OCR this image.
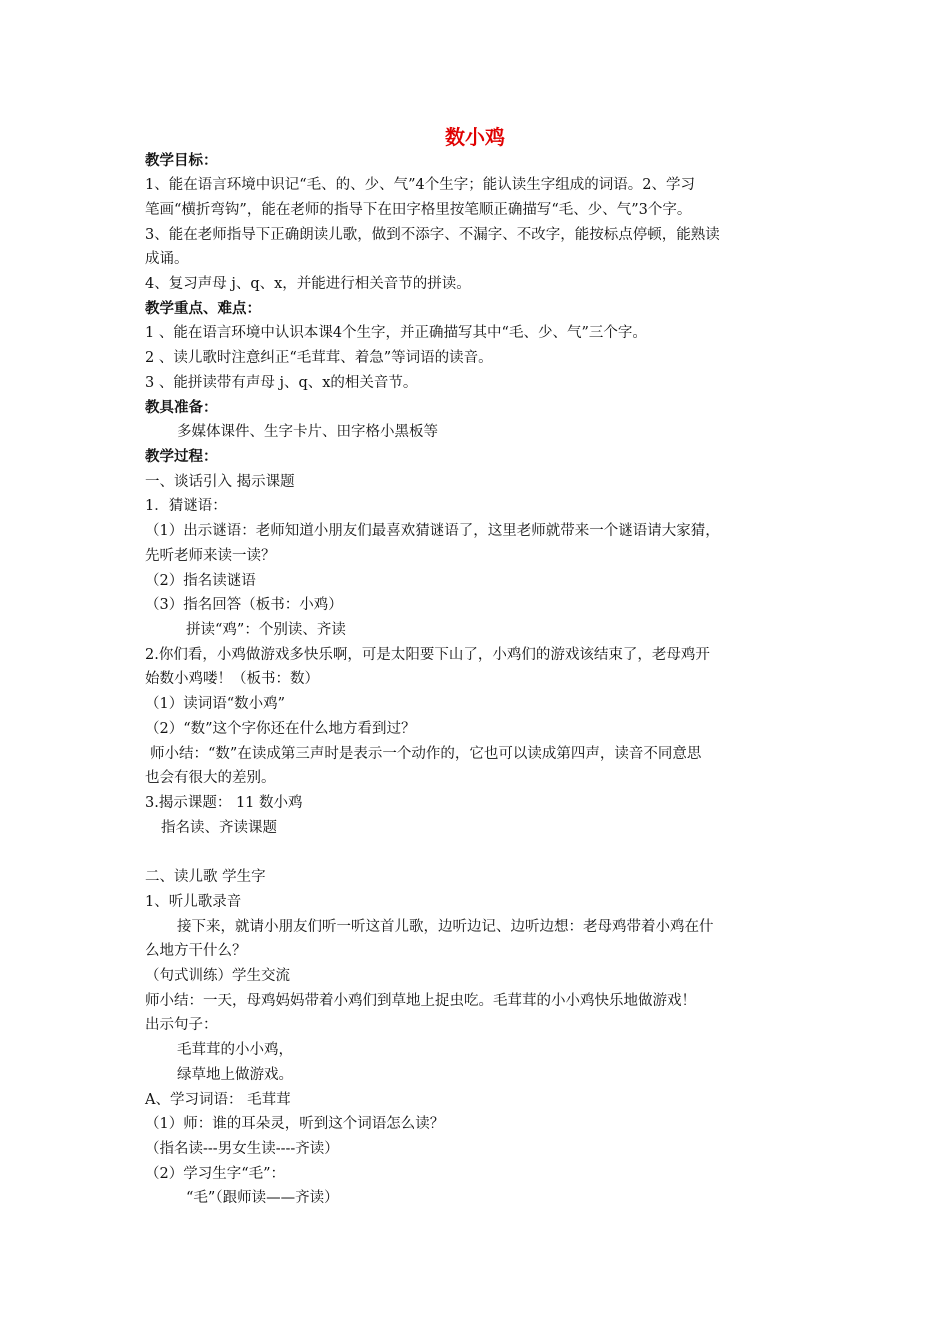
数小鸡
教学目标：
1、能在语言环境中识记“毛、的、少、气”4个生字；能认读生字组成的词语。2、学习
笔画“横折弯钩”，能在老师的指导下在田字格里按笔顺正确描写“毛、少、气”3个字。
3、能在老师指导下正确朗读儿歌，做到不添字、不漏字、不改字，能按标点停顿，能熟读
成诵。
4、复习声母 j、q、x，并能进行相关音节的拼读。
教学重点、难点：
1 、能在语言环境中认识本课4个生字，并正确描写其中“毛、少、气”三个字。
2 、读儿歌时注意纠正“毛茸茸、着急”等词语的读音。
3 、能拼读带有声母 j、q、x的相关音节。
教具准备：
多媒体课件、生字卡片、田字格小黑板等
教学过程：
一、谈话引入 揭示课题
1．猜谜语：
（1）出示谜语：老师知道小朋友们最喜欢猜谜语了，这里老师就带来一个谜语请大家猜，
先听老师来读一读？
（2）指名读谜语
（3）指名回答（板书：小鸡）
拼读“鸡”：个别读、齐读
2.你们看，小鸡做游戏多快乐啊，可是太阳要下山了，小鸡们的游戏该结束了，老母鸡开
始数小鸡喽！（板书：数）
（1）读词语“数小鸡”
（2）“数”这个字你还在什么地方看到过？
师小结：“数”在读成第三声时是表示一个动作的，它也可以读成第四声，读音不同意思
也会有很大的差别。
3.揭示课题： 11 数小鸡
指名读、齐读课题
二、读儿歌 学生字
1、听儿歌录音
接下来，就请小朋友们听一听这首儿歌，边听边记、边听边想：老母鸡带着小鸡在什
么地方干什么？
（句式训练）学生交流
师小结：一天，母鸡妈妈带着小鸡们到草地上捉虫吃。毛茸茸的小小鸡快乐地做游戏！
出示句子：
毛茸茸的小小鸡，
绿草地上做游戏。
A、学习词语： 毛茸茸
（1）师：谁的耳朵灵，听到这个词语怎么读？
（指名读---男女生读----齐读）
（2）学习生字“毛”：
“毛”（跟师读——齐读）
